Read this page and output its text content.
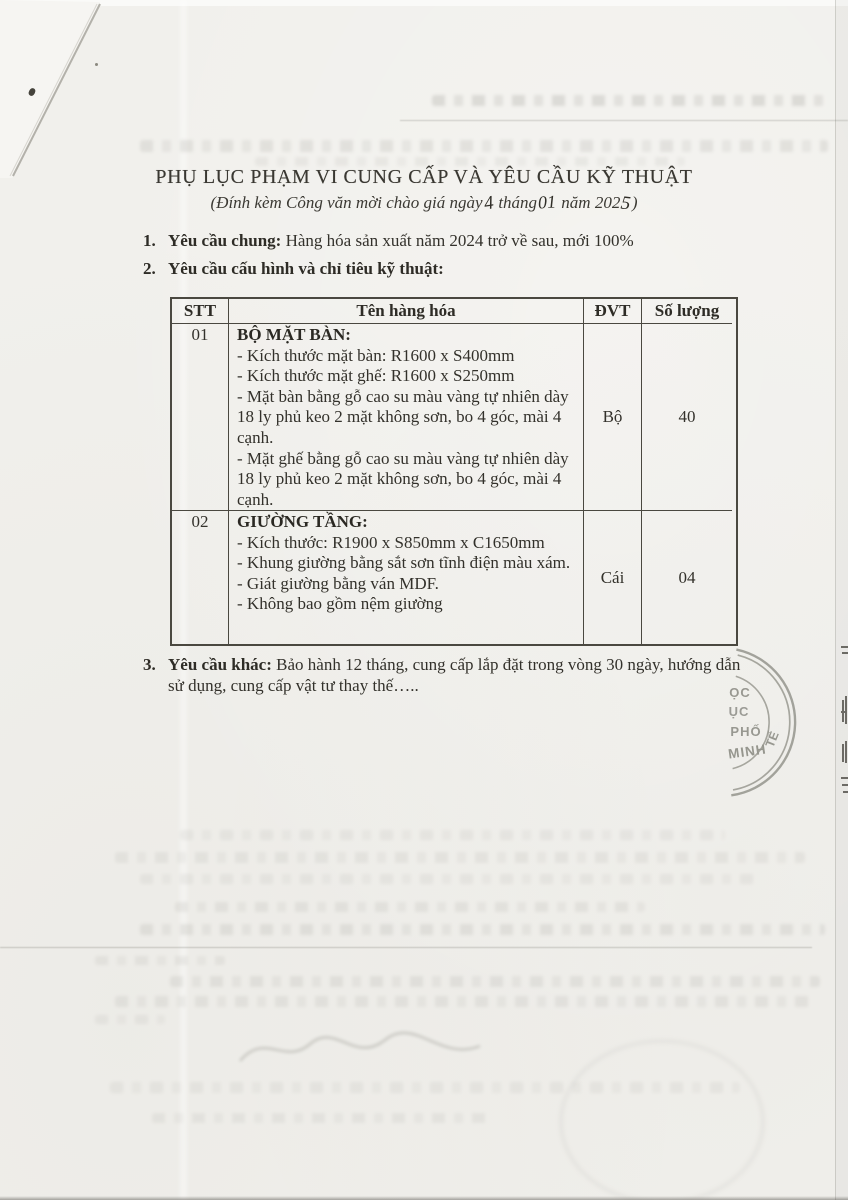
PHỤ LỤC PHẠM VI CUNG CẤP VÀ YÊU CẦU KỸ THUẬT
(Đính kèm Công văn mời chào giá ngày4 tháng01 năm 2025)
1. Yêu cầu chung: Hàng hóa sản xuất năm 2024 trở về sau, mới 100%
2. Yêu cầu cấu hình và chỉ tiêu kỹ thuật:
STT	Tên hàng hóa	ĐVT	Số lượng
01	BỘ MẶT BÀN:
- Kích thước mặt bàn: R1600 x S400mm
- Kích thước mặt ghế: R1600 x S250mm
- Mặt bàn bằng gỗ cao su màu vàng tự nhiên dày 18 ly phủ keo 2 mặt không sơn, bo 4 góc, mài 4 cạnh.
- Mặt ghế bằng gỗ cao su màu vàng tự nhiên dày 18 ly phủ keo 2 mặt không sơn, bo 4 góc, mài 4 cạnh.
Bộ	40
02	GIƯỜNG TẦNG:
- Kích thước: R1900 x S850mm x C1650mm
- Khung giường bằng sắt sơn tĩnh điện màu xám.
- Giát giường bằng ván MDF.
- Không bao gồm nệm giường
Cái	04
3. Yêu cầu khác: Bảo hành 12 tháng, cung cấp lắp đặt trong vòng 30 ngày, hướng dẫn sử dụng, cung cấp vật tư thay thế…..	ỌC
ỤC
PHỐ
MINH
TẾ
